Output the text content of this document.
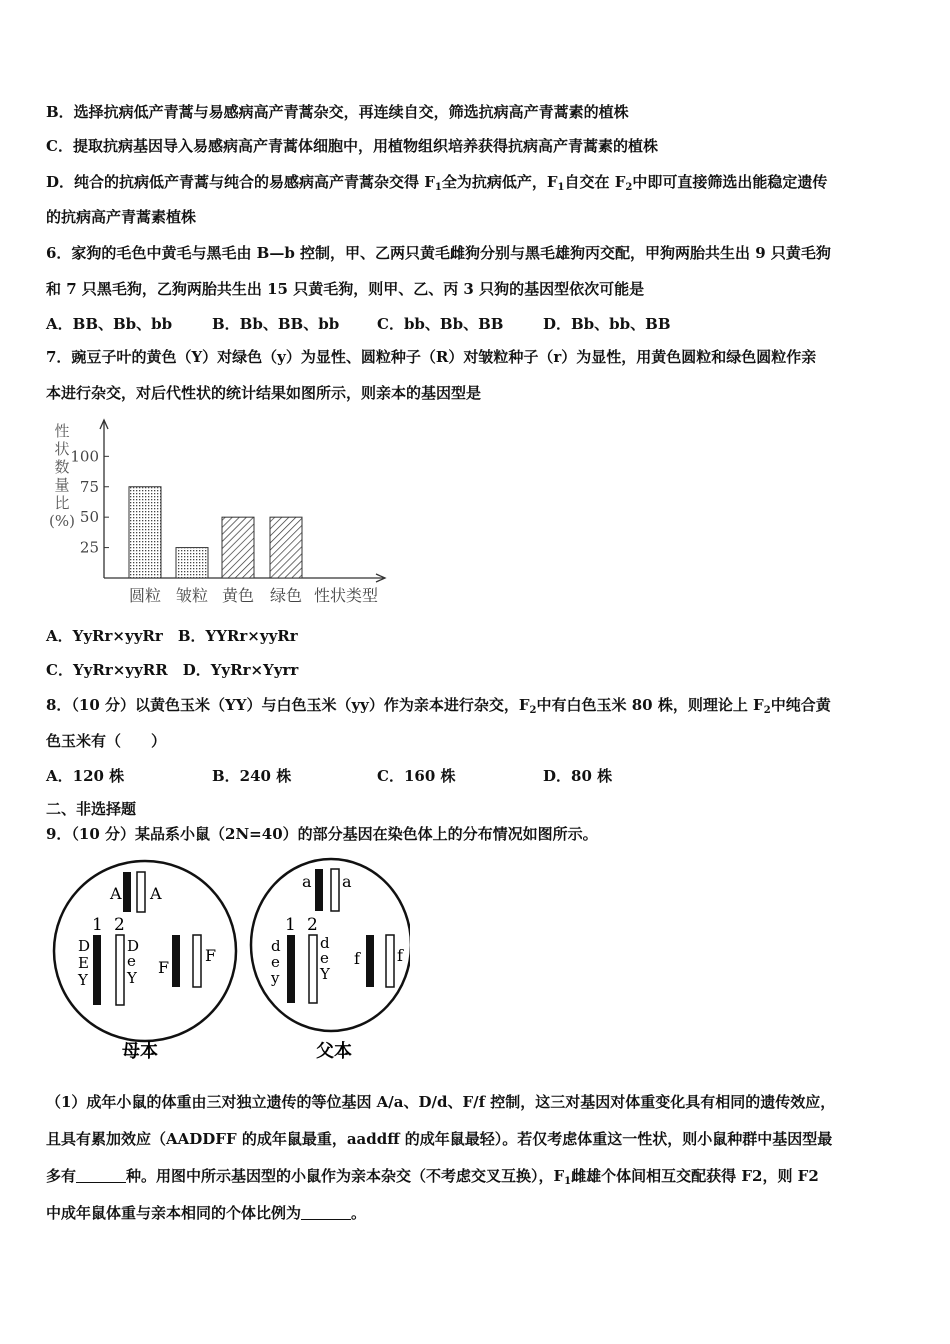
B．选择抗病低产青蒿与易感病高产青蒿杂交，再连续自交，筛选抗病高产青蒿素的植株
C．提取抗病基因导入易感病高产青蒿体细胞中，用植物组织培养获得抗病高产青蒿素的植株
D．纯合的抗病低产青蒿与纯合的易感病高产青蒿杂交得 $F_1$全为抗病低产，$F_1$自交在 $F_2$中即可直接筛选出能稳定遗传
的抗病高产青蒿素植株
6．家狗的毛色中黄毛与黑毛由 B—b 控制，甲、乙两只黄毛雌狗分别与黑毛雄狗丙交配，甲狗两胎共生出 9 只黄毛狗
和 7 只黑毛狗，乙狗两胎共生出 15 只黄毛狗，则甲、乙、丙 3 只狗的基因型依次可能是
A．BB、Bb、bb	B．Bb、BB、bb	C．bb、Bb、BB	D．Bb、bb、BB
7．豌豆子叶的黄色（Y）对绿色（y）为显性、圆粒种子（R）对皱粒种子（r）为显性，用黄色圆粒和绿色圆粒作亲
本进行杂交，对后代性状的统计结果如图所示，则亲本的基因型是
100
75
50
25
性
状
数
量
比
(%)
圆粒 皱粒 黄色 绿色 性状类型
A．YyRr×yyRr　 B．YYRr×yyRr
C．YyRr×yyRR　 D．YyRr×Yyrr
8．（10 分）以黄色玉米（YY）与白色玉米（yy）作为亲本进行杂交，$F_2$中有白色玉米 80 株，则理论上 $F_2$中纯合黄
色玉米有（　　）
A．120 株	B．240 株	C．160 株	D．80 株
二、非选择题
9．（10 分）某品系小鼠（2N=40）的部分基因在染色体上的分布情况如图所示。
A A
1 2
D
E
Y
D
e
Y
F
F
母本
a a
1 2
d
e
y
d
e
Y
f f
父本
（1）成年小鼠的体重由三对独立遗传的等位基因 A/a、D/d、F/f 控制，这三对基因对体重变化具有相同的遗传效应，
且具有累加效应（AADDFF 的成年鼠最重，aaddff 的成年鼠最轻）。若仅考虑体重这一性状，则小鼠种群中基因型最
多有	种。用图中所示基因型的小鼠作为亲本杂交（不考虑交叉互换），$F_1$雌雄个体间相互交配获得 F2，则 F2
中成年鼠体重与亲本相同的个体比例为	。
